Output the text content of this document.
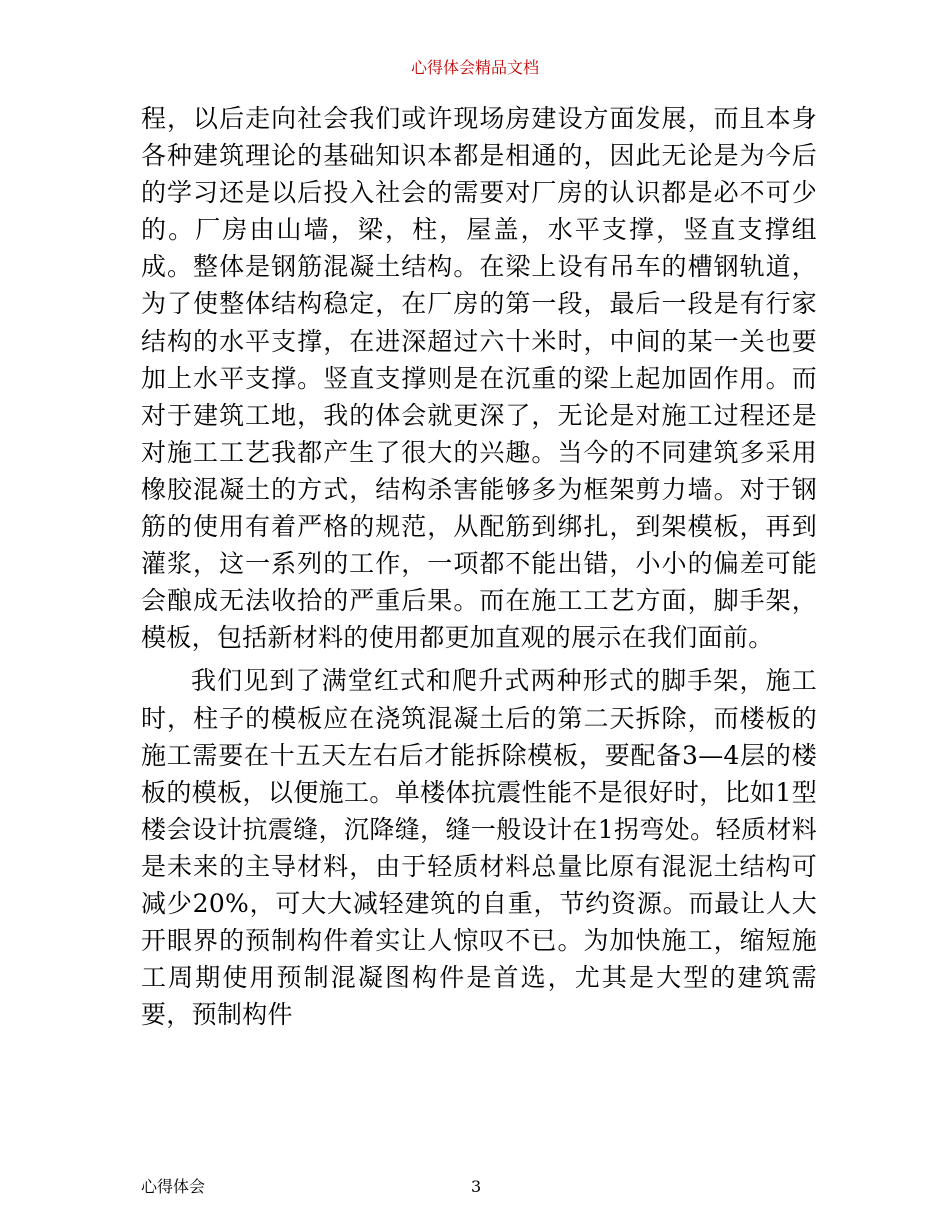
心得体会精品文档

程，以后走向社会我们或许现场房建设方面发展，而且本身各种建筑理论的基础知识本都是相通的，因此无论是为今后的学习还是以后投入社会的需要对厂房的认识都是必不可少的。厂房由山墙，梁，柱，屋盖，水平支撑，竖直支撑组成。整体是钢筋混凝土结构。在梁上设有吊车的槽钢轨道，为了使整体结构稳定，在厂房的第一段，最后一段是有行家结构的水平支撑，在进深超过六十米时，中间的某一关也要加上水平支撑。竖直支撑则是在沉重的梁上起加固作用。而对于建筑工地，我的体会就更深了，无论是对施工过程还是对施工工艺我都产生了很大的兴趣。当今的不同建筑多采用橡胶混凝土的方式，结构杀害能够多为框架剪力墙。对于钢筋的使用有着严格的规范，从配筋到绑扎，到架模板，再到灌浆，这一系列的工作，一项都不能出错，小小的偏差可能会酿成无法收拾的严重后果。而在施工工艺方面，脚手架，模板，包括新材料的使用都更加直观的展示在我们面前。

我们见到了满堂红式和爬升式两种形式的脚手架，施工时，柱子的模板应在浇筑混凝土后的第二天拆除，而楼板的施工需要在十五天左右后才能拆除模板，要配备3—4层的楼板的模板，以便施工。单楼体抗震性能不是很好时，比如1型楼会设计抗震缝，沉降缝，缝一般设计在1拐弯处。轻质材料是未来的主导材料，由于轻质材料总量比原有混泥土结构可减少20%，可大大减轻建筑的自重，节约资源。而最让人大开眼界的预制构件着实让人惊叹不已。为加快施工，缩短施工周期使用预制混凝图构件是首选，尤其是大型的建筑需要，预制构件

心得体会	3
